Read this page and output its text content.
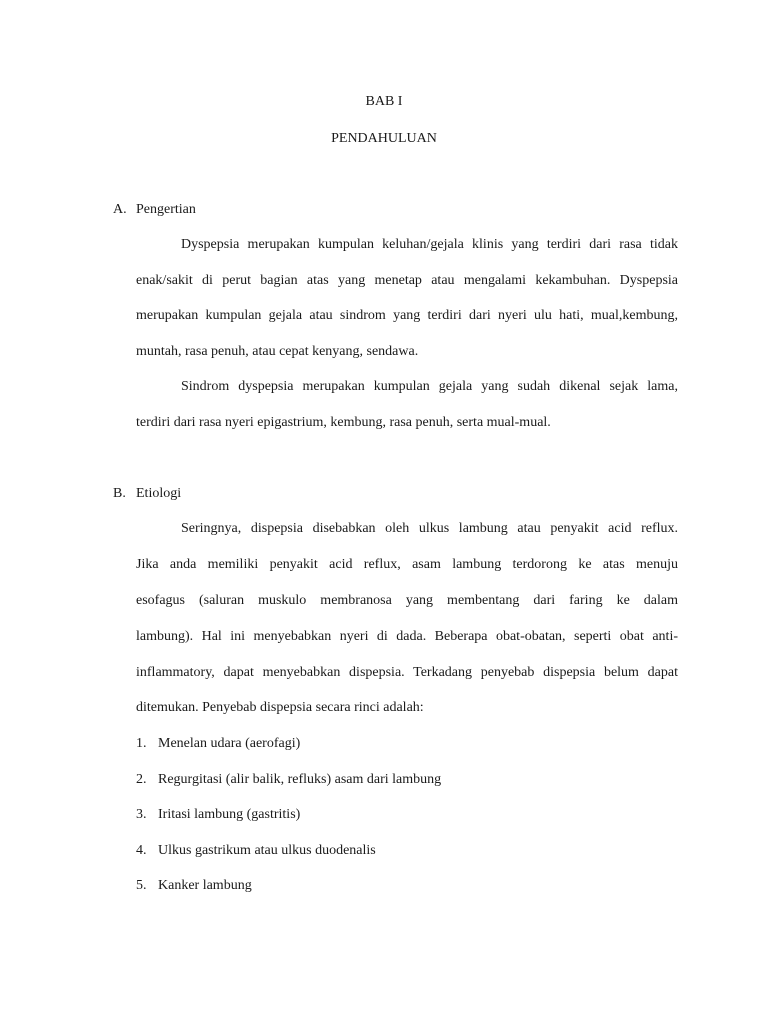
BAB I
PENDAHULUAN
A. Pengertian
Dyspepsia merupakan kumpulan keluhan/gejala klinis yang terdiri dari rasa tidak
enak/sakit di perut bagian atas yang menetap atau mengalami kekambuhan. Dyspepsia
merupakan kumpulan gejala atau sindrom yang terdiri dari nyeri ulu hati, mual,kembung,
muntah, rasa penuh, atau cepat kenyang, sendawa.
Sindrom dyspepsia merupakan kumpulan gejala yang sudah dikenal sejak lama,
terdiri dari rasa nyeri epigastrium, kembung, rasa penuh, serta mual-mual.
B. Etiologi
Seringnya, dispepsia disebabkan oleh ulkus lambung atau penyakit acid reflux.
Jika anda memiliki penyakit acid reflux, asam lambung terdorong ke atas menuju
esofagus (saluran muskulo membranosa yang membentang dari faring ke dalam
lambung). Hal ini menyebabkan nyeri di dada. Beberapa obat-obatan, seperti obat anti-
inflammatory, dapat menyebabkan dispepsia. Terkadang penyebab dispepsia belum dapat
ditemukan. Penyebab dispepsia secara rinci adalah:
1. Menelan udara (aerofagi)
2. Regurgitasi (alir balik, refluks) asam dari lambung
3. Iritasi lambung (gastritis)
4. Ulkus gastrikum atau ulkus duodenalis
5. Kanker lambung
